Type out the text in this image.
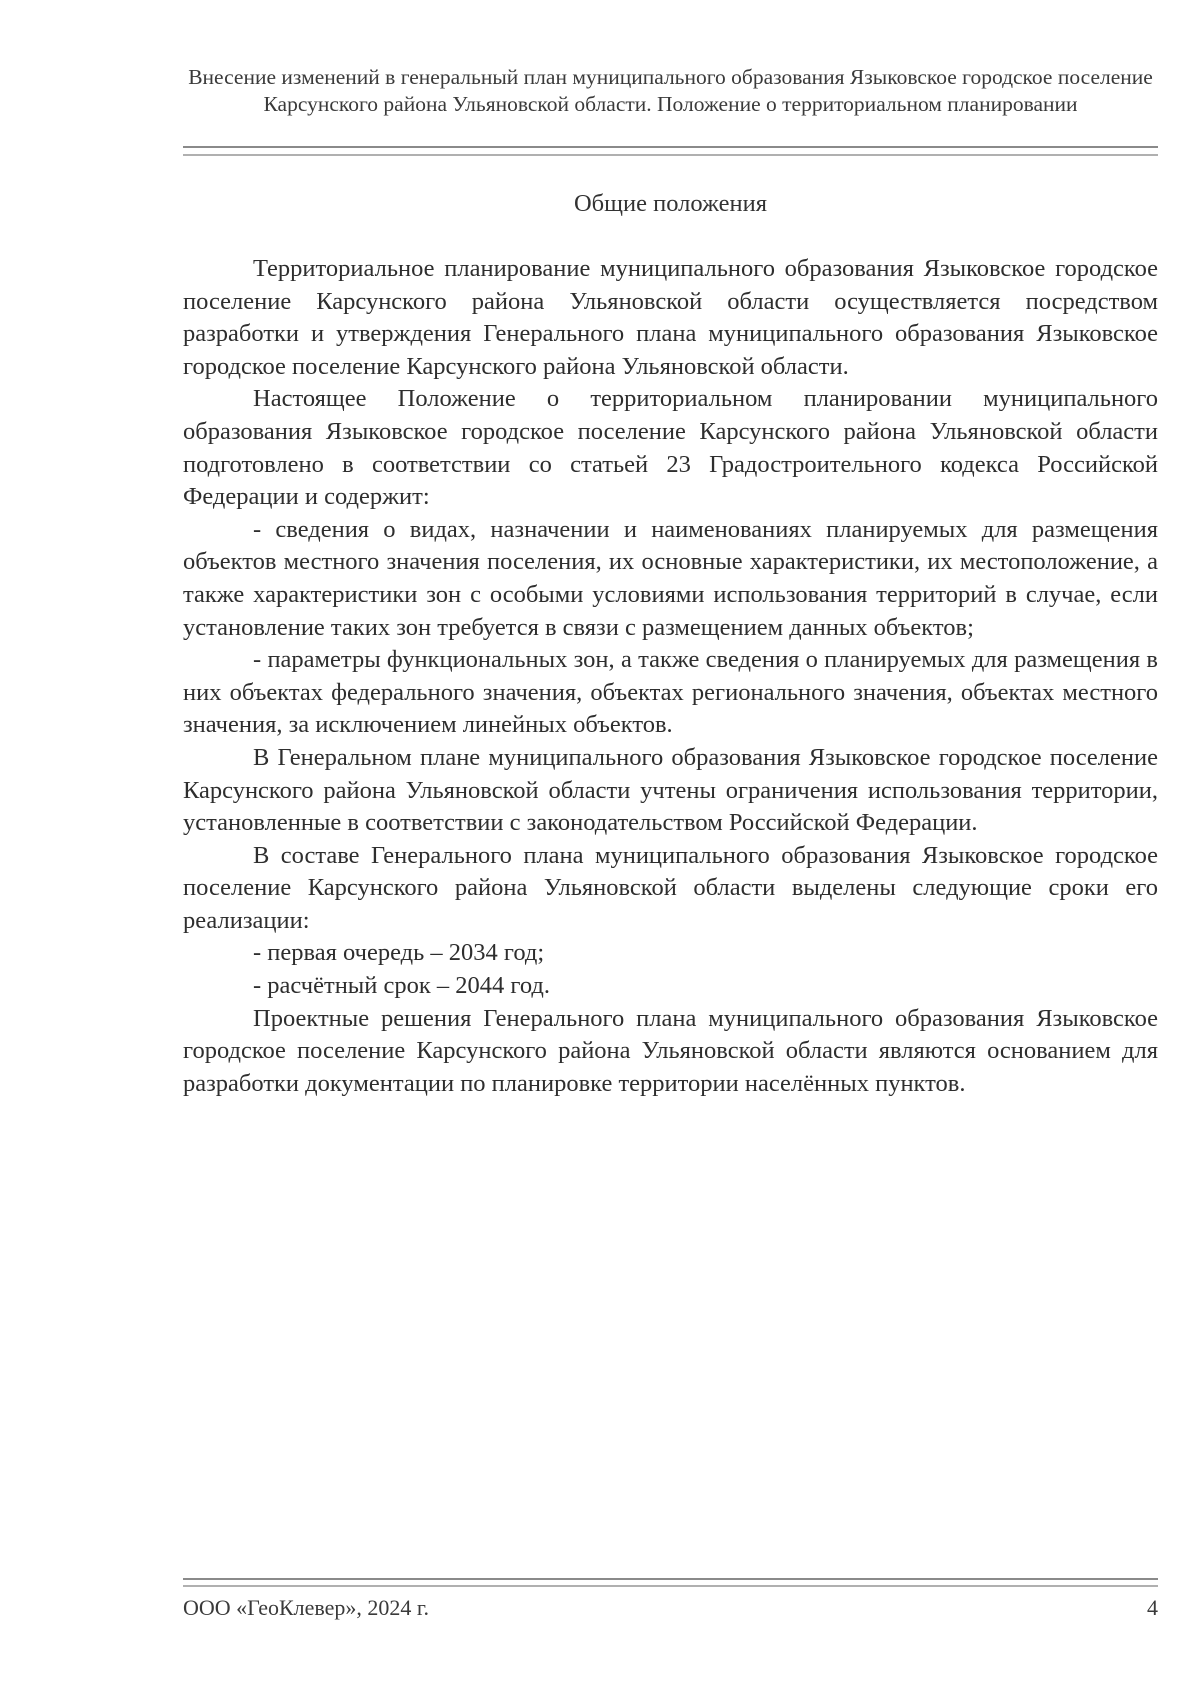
Внесение изменений в генеральный план муниципального образования Языковское городское поселение Карсунского района Ульяновской области. Положение о территориальном планировании
Общие положения

Территориальное планирование муниципального образования Языковское городское поселение Карсунского района Ульяновской области осуществляется посредством разработки и утверждения Генерального плана муниципального образования Языковское городское поселение Карсунского района Ульяновской области.

Настоящее Положение о территориальном планировании муниципального образования Языковское городское поселение Карсунского района Ульяновской области подготовлено в соответствии со статьей 23 Градостроительного кодекса Российской Федерации и содержит:

- сведения о видах, назначении и наименованиях планируемых для размещения объектов местного значения поселения, их основные характеристики, их местоположение, а также характеристики зон с особыми условиями использования территорий в случае, если установление таких зон требуется в связи с размещением данных объектов;

- параметры функциональных зон, а также сведения о планируемых для размещения в них объектах федерального значения, объектах регионального значения, объектах местного значения, за исключением линейных объектов.

В Генеральном плане муниципального образования Языковское городское поселение Карсунского района Ульяновской области учтены ограничения использования территории, установленные в соответствии с законодательством Российской Федерации.

В составе Генерального плана муниципального образования Языковское городское поселение Карсунского района Ульяновской области выделены следующие сроки его реализации:

- первая очередь – 2034 год;

- расчётный срок – 2044 год.

Проектные решения Генерального плана муниципального образования Языковское городское поселение Карсунского района Ульяновской области являются основанием для разработки документации по планировке территории населённых пунктов.

ООО «ГеоКлевер», 2024 г.	4
